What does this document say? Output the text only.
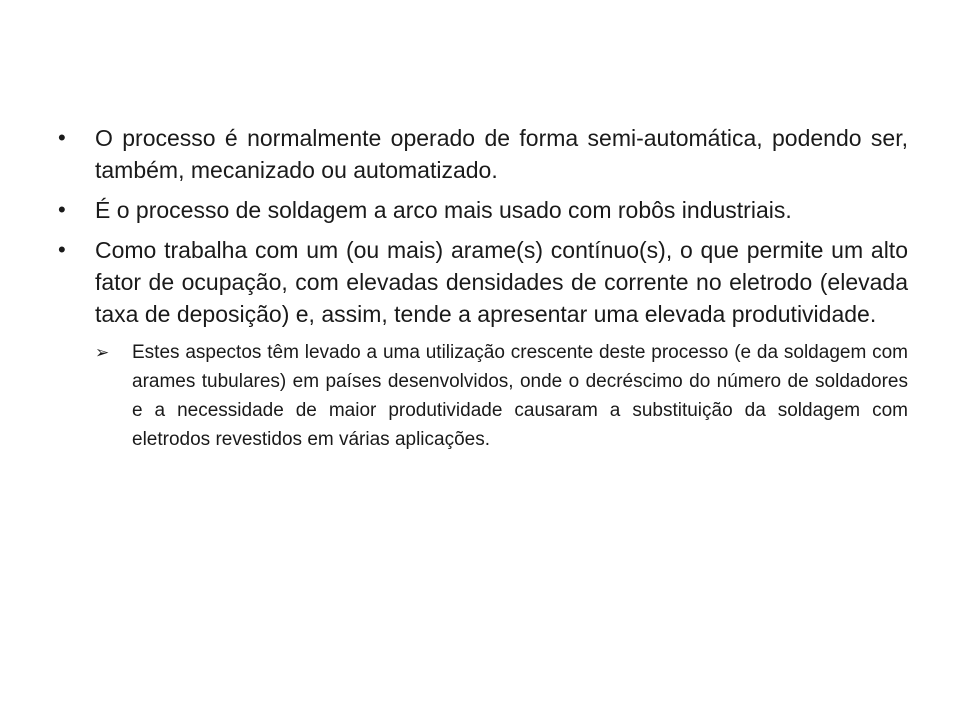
•	O processo é normalmente operado de forma semi-automática, podendo ser, também, mecanizado ou automatizado.
•	É o processo de soldagem a arco mais usado com robôs industriais.
•	Como trabalha com um (ou mais) arame(s) contínuo(s), o que permite um alto fator de ocupação, com elevadas densidades de corrente no eletrodo (elevada taxa de deposição) e, assim, tende a apresentar uma elevada produtividade.
➢	Estes aspectos têm levado a uma utilização crescente deste processo (e da soldagem com arames tubulares) em países desenvolvidos, onde o decréscimo do número de soldadores e a necessidade de maior produtividade causaram a substituição da soldagem com eletrodos revestidos em várias aplicações.
